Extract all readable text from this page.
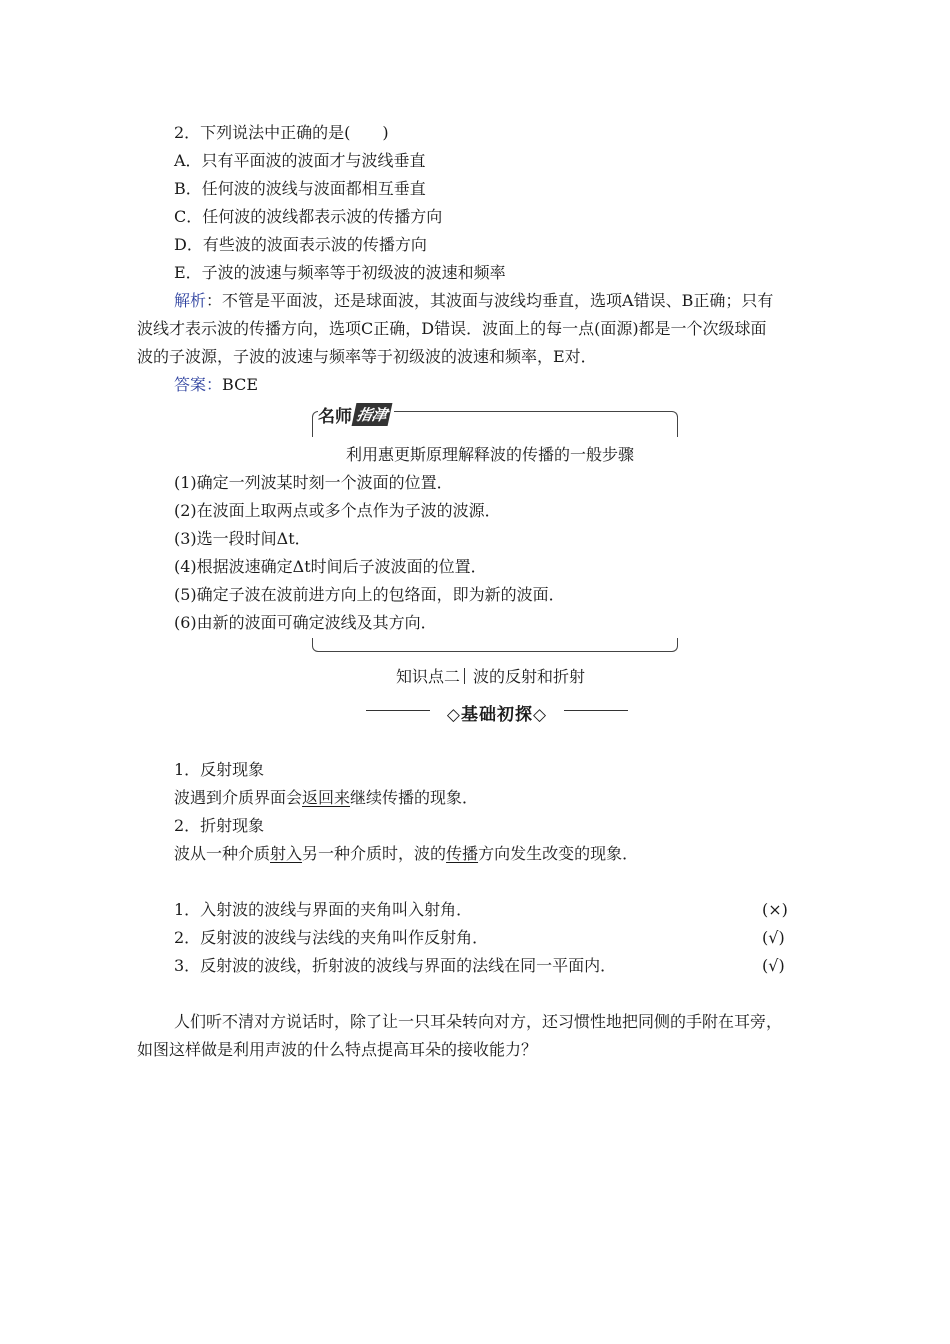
2．下列说法中正确的是(　　)
A．只有平面波的波面才与波线垂直
B．任何波的波线与波面都相互垂直
C．任何波的波线都表示波的传播方向
D．有些波的波面表示波的传播方向
E．子波的波速与频率等于初级波的波速和频率
解析：不管是平面波，还是球面波，其波面与波线均垂直，选项A错误、B正确；只有
波线才表示波的传播方向，选项C正确，D错误．波面上的每一点(面源)都是一个次级球面
波的子波源，子波的波速与频率等于初级波的波速和频率，E对．
答案：BCE
名师 指津
利用惠更斯原理解释波的传播的一般步骤
(1)确定一列波某时刻一个波面的位置．
(2)在波面上取两点或多个点作为子波的波源．
(3)选一段时间Δt．
(4)根据波速确定Δt时间后子波波面的位置．
(5)确定子波在波前进方向上的包络面，即为新的波面．
(6)由新的波面可确定波线及其方向．
知识点二 波的反射和折射
◇基础初探◇
1．反射现象
波遇到介质界面会返回来继续传播的现象．
2．折射现象
波从一种介质射入另一种介质时，波的传播方向发生改变的现象．
1．入射波的波线与界面的夹角叫入射角．	(×)
2．反射波的波线与法线的夹角叫作反射角．	(√)
3．反射波的波线，折射波的波线与界面的法线在同一平面内．	(√)
人们听不清对方说话时，除了让一只耳朵转向对方，还习惯性地把同侧的手附在耳旁，
如图这样做是利用声波的什么特点提高耳朵的接收能力？
